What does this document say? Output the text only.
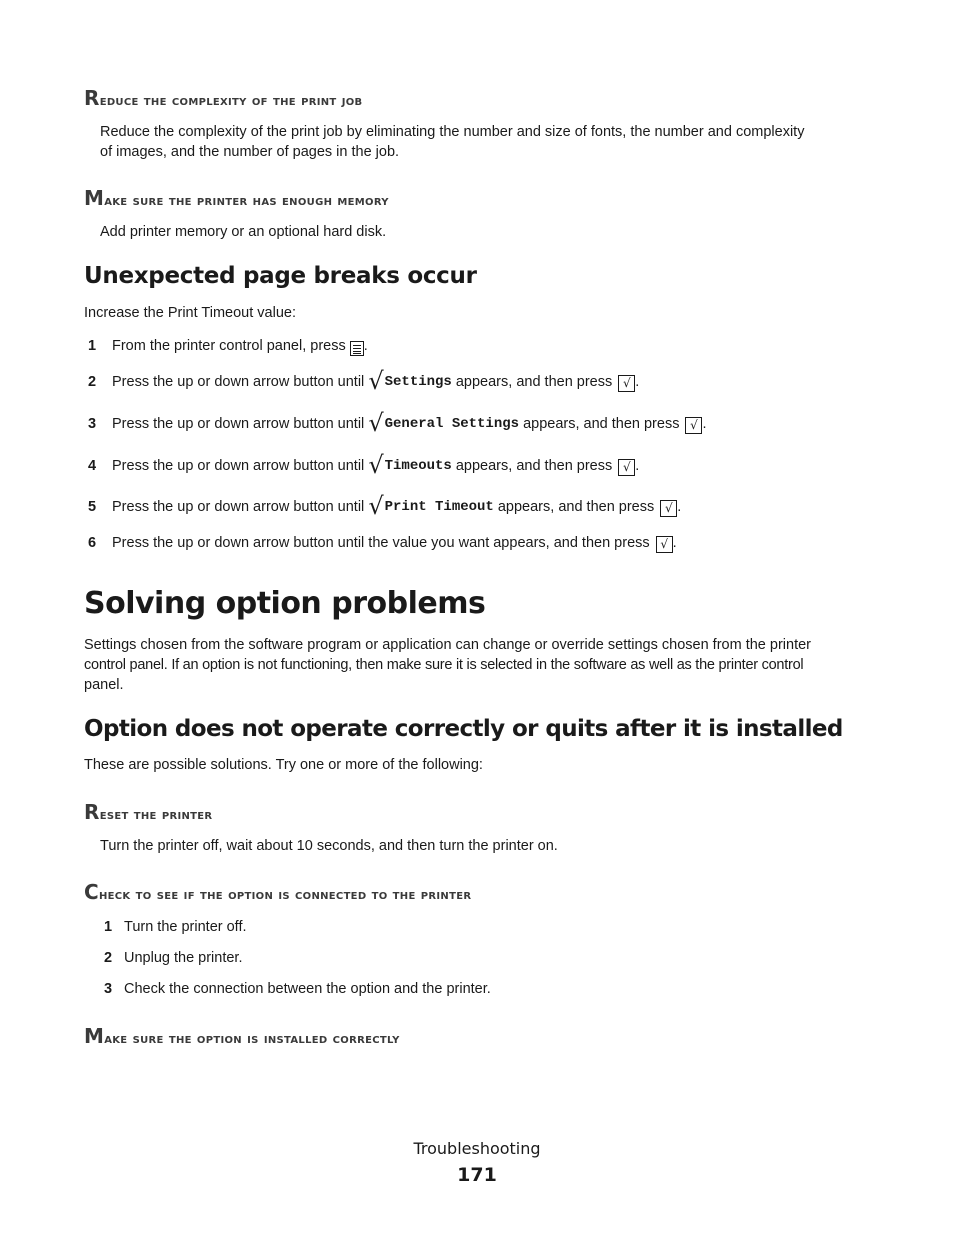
Reduce the complexity of the print job
Reduce the complexity of the print job by eliminating the number and size of fonts, the number and complexity
of images, and the number of pages in the job.
Make sure the printer has enough memory
Add printer memory or an optional hard disk.
Unexpected page breaks occur
Increase the Print Timeout value:
1	From the printer control panel, press .
2	Press the up or down arrow button until
√ Settings
appears, and then press
√ .
3	Press the up or down arrow button until
√ General Settings
appears, and then press
√ .
4	Press the up or down arrow button until
√ Timeouts
appears, and then press
√ .
5	Press the up or down arrow button until
√ Print Timeout
appears, and then press
√ .
6	Press the up or down arrow button until the value you want appears, and then press
√ .
Solving option problems
Settings chosen from the software program or application can change or override settings chosen from the printer
control panel. If an option is not functioning, then make sure it is selected in the software as well as the printer control
panel.
Option does not operate correctly or quits after it is installed
These are possible solutions. Try one or more of the following:
Reset the printer
Turn the printer off, wait about 10 seconds, and then turn the printer on.
Check to see if the option is connected to the printer
1 Turn the printer off.
2 Unplug the printer.
3 Check the connection between the option and the printer.
Make sure the option is installed correctly
Troubleshooting
171
